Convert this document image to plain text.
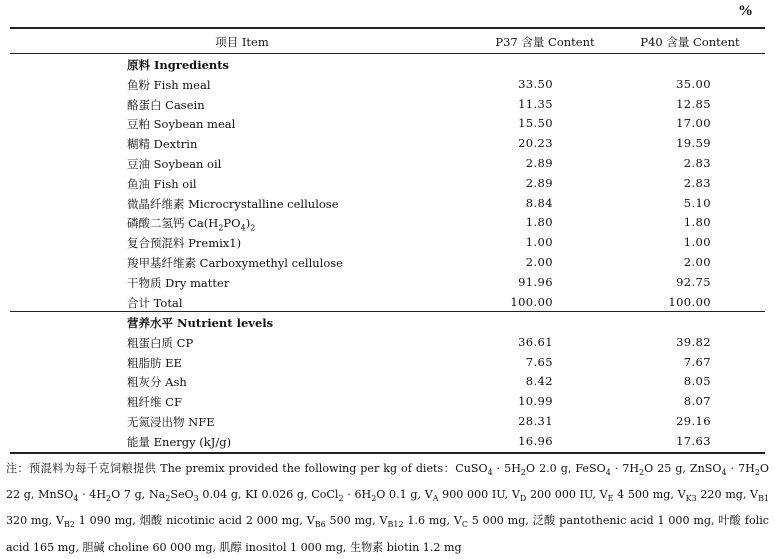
%
项目 Item	P37 含量 Content	P40 含量 Content
原料 Ingredients
鱼粉 Fish meal	33.50	35.00
酪蛋白 Casein	11.35	12.85
豆粕 Soybean meal	15.50	17.00
糊精 Dextrin	20.23	19.59
豆油 Soybean oil	2.89	2.83
鱼油 Fish oil	2.89	2.83
微晶纤维素 Microcrystalline cellulose	8.84	5.10
磷酸二氢钙 $Ca(H_2PO_4)_2$	1.80	1.80
复合预混料 Premix1)	1.00	1.00
羧甲基纤维素 Carboxymethyl cellulose	2.00	2.00
干物质 Dry matter	91.96	92.75
合计 Total	100.00	100.00
营养水平 Nutrient levels
粗蛋白质 CP	36.61	39.82
粗脂肪 EE	7.65	7.67
粗灰分 Ash	8.42	8.05
粗纤维 CF	10.99	8.07
无氮浸出物 NFE	28.31	29.16
能量 Energy (kJ/g)	16.96	17.63
注：预混料为每千克饲粮提供 The premix provided the following per kg of diets：CuSO$_4$ · $5H_2O$ 2.0 g, FeSO$_4$ · $7H_2O$ 25 g, ZnSO$_4$ · $7H_2O$ 22 g, MnSO$_4$ · $4H_2O$ 7 g, $Na_2SeO_3$ 0.04 g, KI 0.026 g, CoCl$_2$ · $6H_2O$ 0.1 g, $V_A$ 900 000 IU, $V_D$ 200 000 IU, $V_E$ 4 500 mg, $V_{K3}$ 220 mg, $V_{B1}$ 320 mg, $V_{B2}$ 1 090 mg, 烟酸 nicotinic acid 2 000 mg, $V_{B6}$ 500 mg, $V_{B12}$ 1.6 mg, $V_C$ 5 000 mg, 泛酸 pantothenic acid 1 000 mg, 叶酸 folic acid 165 mg, 胆碱 choline 60 000 mg, 肌醇 inositol 1 000 mg, 生物素 biotin 1.2 mg
